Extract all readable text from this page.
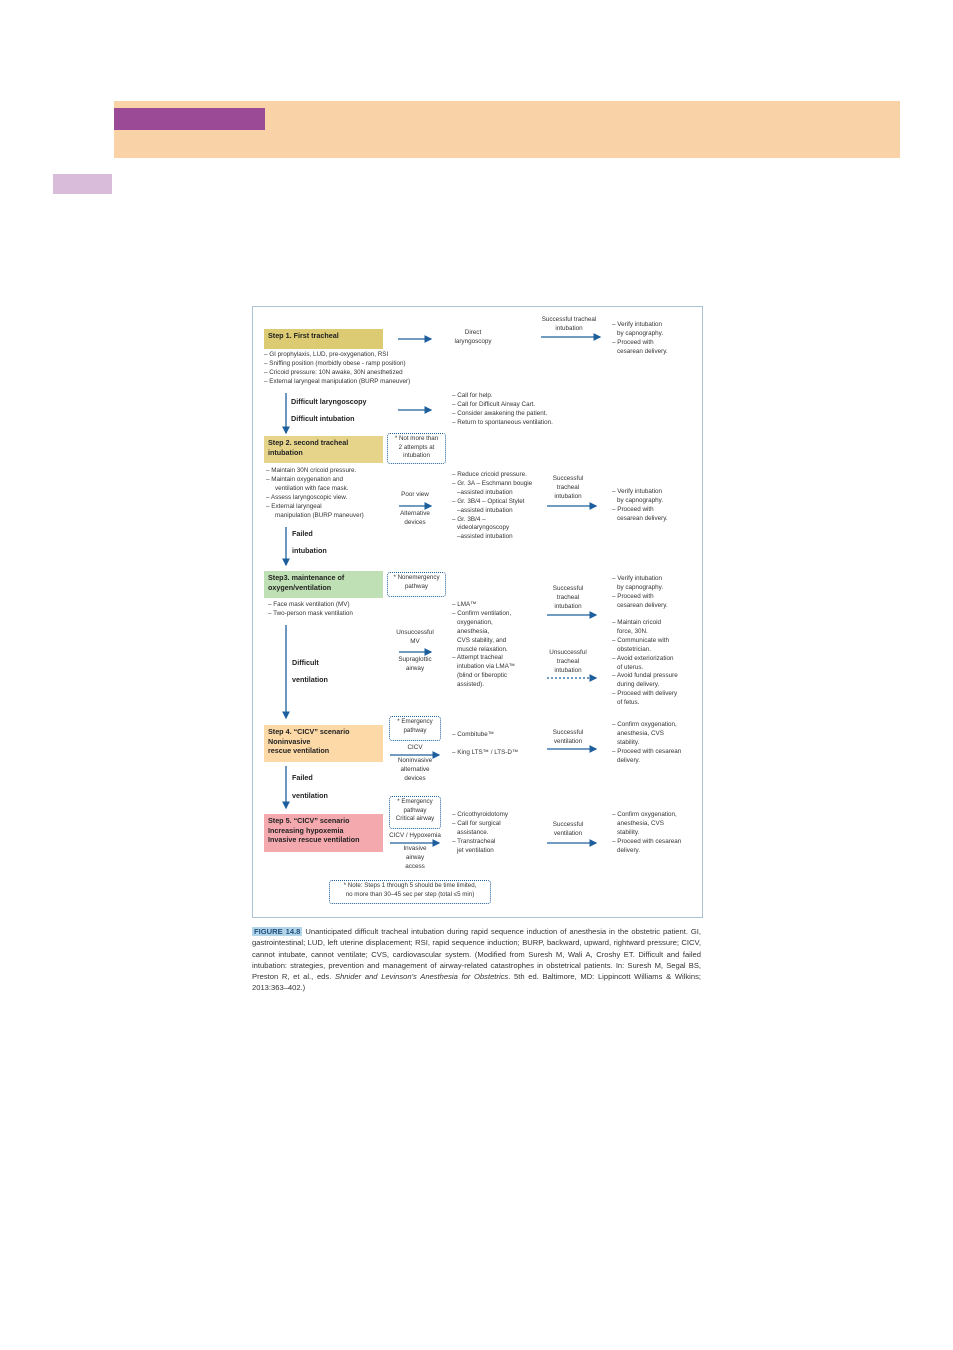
Step 1. First tracheal
– GI prophylaxis, LUD, pre-oxygenation, RSI
– Sniffing position (morbidly obese - ramp position)
– Cricoid pressure: 10N awake, 30N anesthetized
– External laryngeal manipulation (BURP maneuver)
Direct
laryngoscopy
Successful tracheal
intubation
– Verify intubation
by capnography.
– Proceed with
cesarean delivery.
Difficult laryngoscopy
Difficult intubation
– Call for help.
– Call for Difficult Airway Cart.
– Consider awakening the patient.
– Return to spontaneous ventilation.
Step 2. second tracheal
intubation
* Not more than
2 attempts at
intubation
– Maintain 30N cricoid pressure.
– Maintain oxygenation and
ventilation with face mask.
– Assess laryngoscopic view.
– External laryngeal
manipulation (BURP maneuver)
Poor view
Alternative
devices
– Reduce cricoid pressure.
– Gr. 3A – Eschmann bougie
–assisted intubation
– Gr. 3B/4 – Optical Stylet
–assisted intubation
– Gr. 3B/4 –
videolaryngoscopy
–assisted intubation
Successful
tracheal
intubation
– Verify intubation
by capnography.
– Proceed with
cesarean delivery.
Failed
intubation
Step3. maintenance of
oxygen/ventilation
* Nonemergency
pathway
– Face mask ventilation (MV)
– Two-person mask ventilation
Unsuccessful
MV
Supraglottic
airway
– LMA™
– Confirm ventilation,
oxygenation,
anesthesia,
CVS stability, and
muscle relaxation.
– Attempt tracheal
intubation via LMA™
(blind or fiberoptic
assisted).
Successful
tracheal
intubation
– Verify intubation
by capnography.
– Proceed with
cesarean delivery.
Unsuccessful
tracheal
intubation
– Maintain cricoid
force, 30N.
– Communicate with
obstetrician.
– Avoid exteriorization
of uterus.
– Avoid fundal pressure
during delivery.
– Proceed with delivery
of fetus.
Difficult
ventilation
Step 4. “CICV” scenario
Noninvasive
rescue ventilation
* Emergency
pathway
CICV
Noninvasive
alternative
devices
– Combitube™
– King LTS™ / LTS-D™
Successful
ventilation
– Confirm oxygenation,
anesthesia, CVS
stability.
– Proceed with cesarean
delivery.
Failed
ventilation
Step 5. “CICV” scenario
Increasing hypoxemia
Invasive rescue ventilation
* Emergency
pathway
Critical airway
CICV / Hypoxemia
Invasive
airway
access
– Cricothyroidotomy
– Call for surgical
assistance.
– Transtracheal
jet ventilation
Successful
ventilation
– Confirm oxygenation,
anesthesia, CVS
stability.
– Proceed with cesarean
delivery.
* Note: Steps 1 through 5 should be time limited,
no more than 30–45 sec per step (total ≤5 min)
FIGURE 14.8 Unanticipated difficult tracheal intubation during rapid sequence induction of anesthesia in the obstetric patient. GI, gastrointestinal; LUD, left uterine displacement; RSI, rapid sequence induction; BURP, backward, upward, rightward pressure; CICV, cannot intubate, cannot ventilate; CVS, cardiovascular system. (Modified from Suresh M, Wali A, Croshy ET. Difficult and failed intubation: strategies, prevention and management of airway-related catastrophes in obstetrical patients. In: Suresh M, Segal BS, Preston R, et al., eds. Shnider and Levinson's Anesthesia for Obstetrics. 5th ed. Baltimore, MD: Lippincott Williams & Wilkins; 2013:363–402.)
